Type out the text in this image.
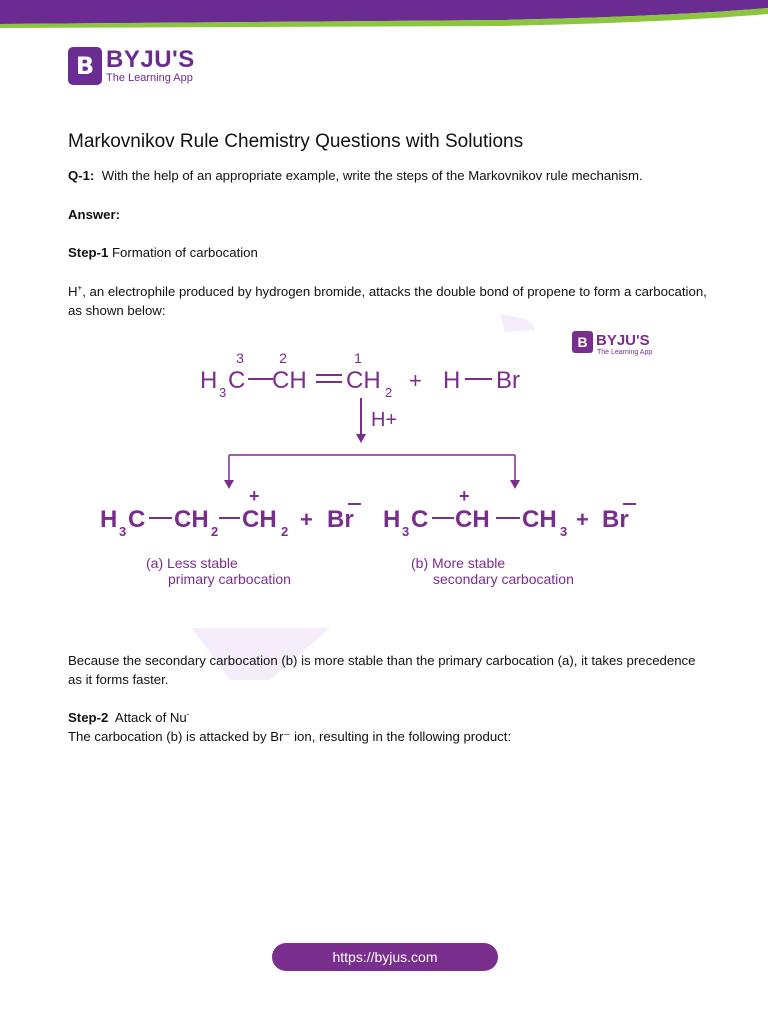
B BYJU'S
The Learning App
Markovnikov Rule Chemistry Questions with Solutions
Q-1: With the help of an appropriate example, write the steps of the Markovnikov rule mechanism.
Answer:
Step-1 Formation of carbocation
H+, an electrophile produced by hydrogen bromide, attacks the double bond of propene to form a carbocation, as shown below:
B BYJU'S
The Learning App
3	2	1
H 3 C CH CH 2 + H Br
H+
H 3 C CH 2
+
CH 2 + Br H 3 C
+
CH CH 3 + Br
(a) Less stable
primary carbocation
(b) More stable
secondary carbocation
Because the secondary carbocation (b) is more stable than the primary carbocation (a), it takes precedence as it forms faster.
Step-2 Attack of Nu-
The carbocation (b) is attacked by Br⁻ ion, resulting in the following product:
https://byjus.com
